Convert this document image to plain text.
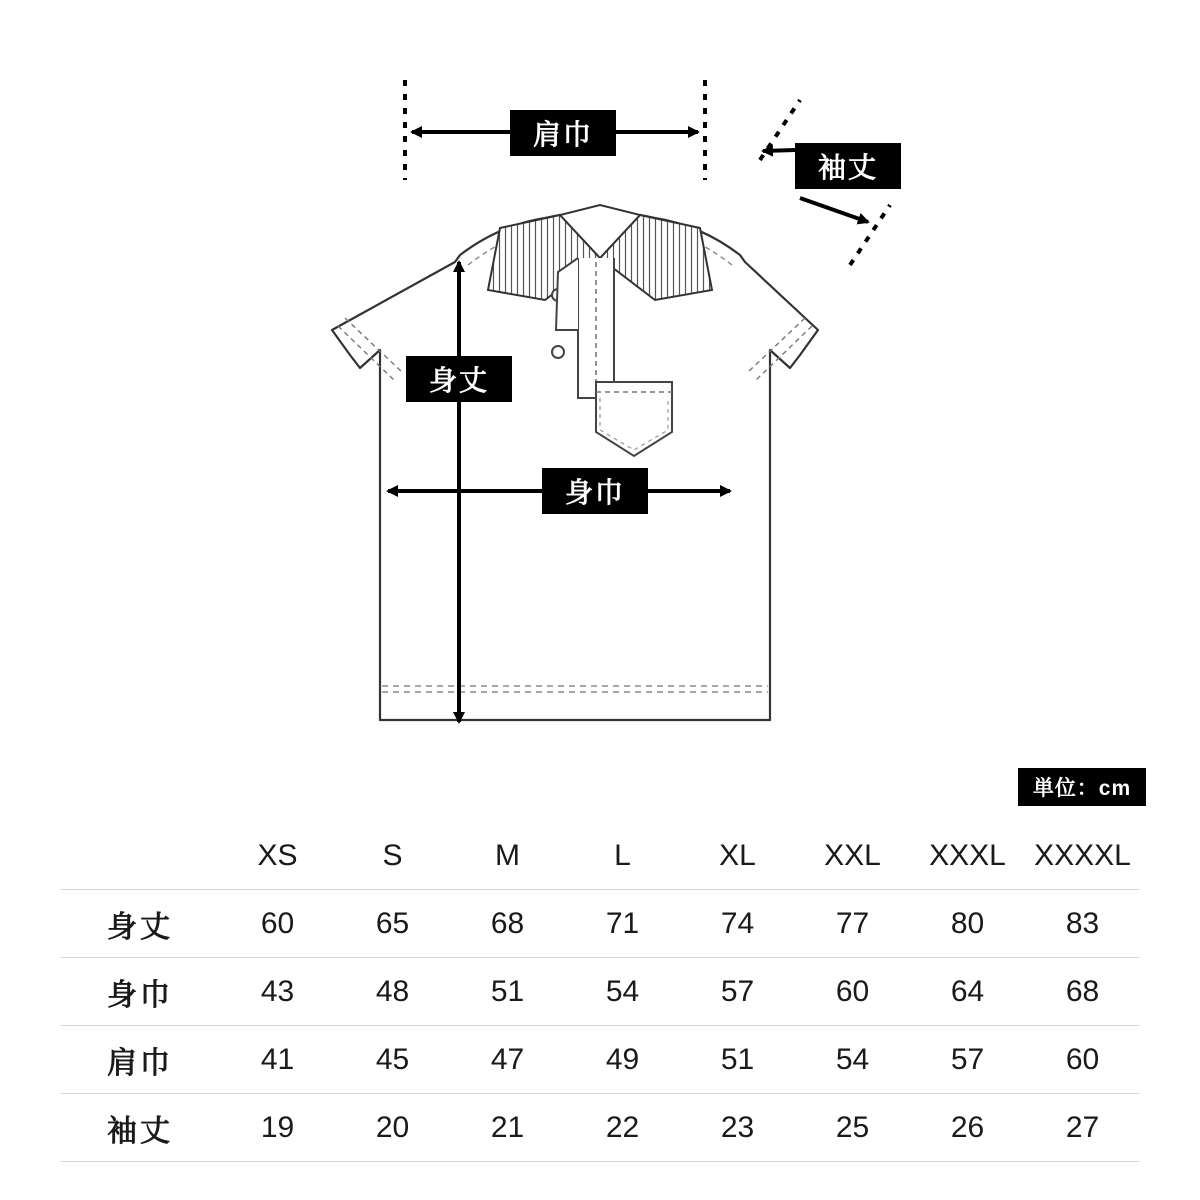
肩巾
袖丈
身丈
身巾
単位：cm
	XS	S	M	L	XL	XXL	XXXL	XXXXL
身丈	60	65	68	71	74	77	80	83
身巾	43	48	51	54	57	60	64	68
肩巾	41	45	47	49	51	54	57	60
袖丈	19	20	21	22	23	25	26	27
